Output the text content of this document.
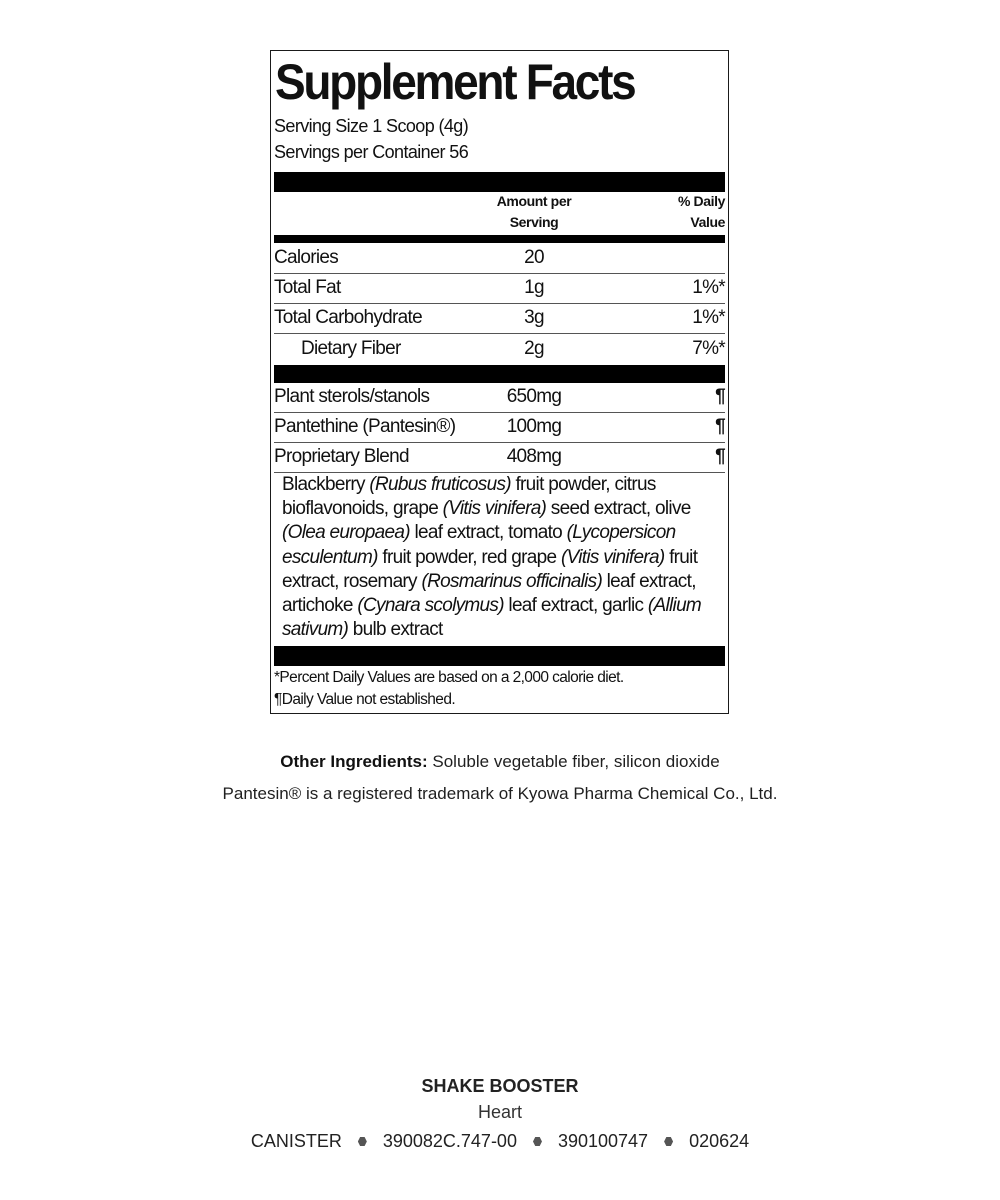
Supplement Facts
Serving Size 1 Scoop (4g)
Servings per Container 56
Amount per
Serving
% Daily
Value
Calories	20
Total Fat	1g	1%*
Total Carbohydrate	3g	1%*
Dietary Fiber	2g	7%*
Plant sterols/stanols	650mg	¶
Pantethine (Pantesin®)	100mg	¶
Proprietary Blend	408mg	¶
Blackberry (Rubus fruticosus) fruit powder, citrus bioflavonoids, grape (Vitis vinifera) seed extract, olive (Olea europaea) leaf extract, tomato (Lycopersicon esculentum) fruit powder, red grape (Vitis vinifera) fruit extract, rosemary (Rosmarinus officinalis) leaf extract, artichoke (Cynara scolymus) leaf extract, garlic (Allium sativum) bulb extract
*Percent Daily Values are based on a 2,000 calorie diet.
¶Daily Value not established.
Other Ingredients: Soluble vegetable fiber, silicon dioxide
Pantesin® is a registered trademark of Kyowa Pharma Chemical Co., Ltd.
SHAKE BOOSTER
Heart
CANISTER 390082C.747-00 390100747 020624
